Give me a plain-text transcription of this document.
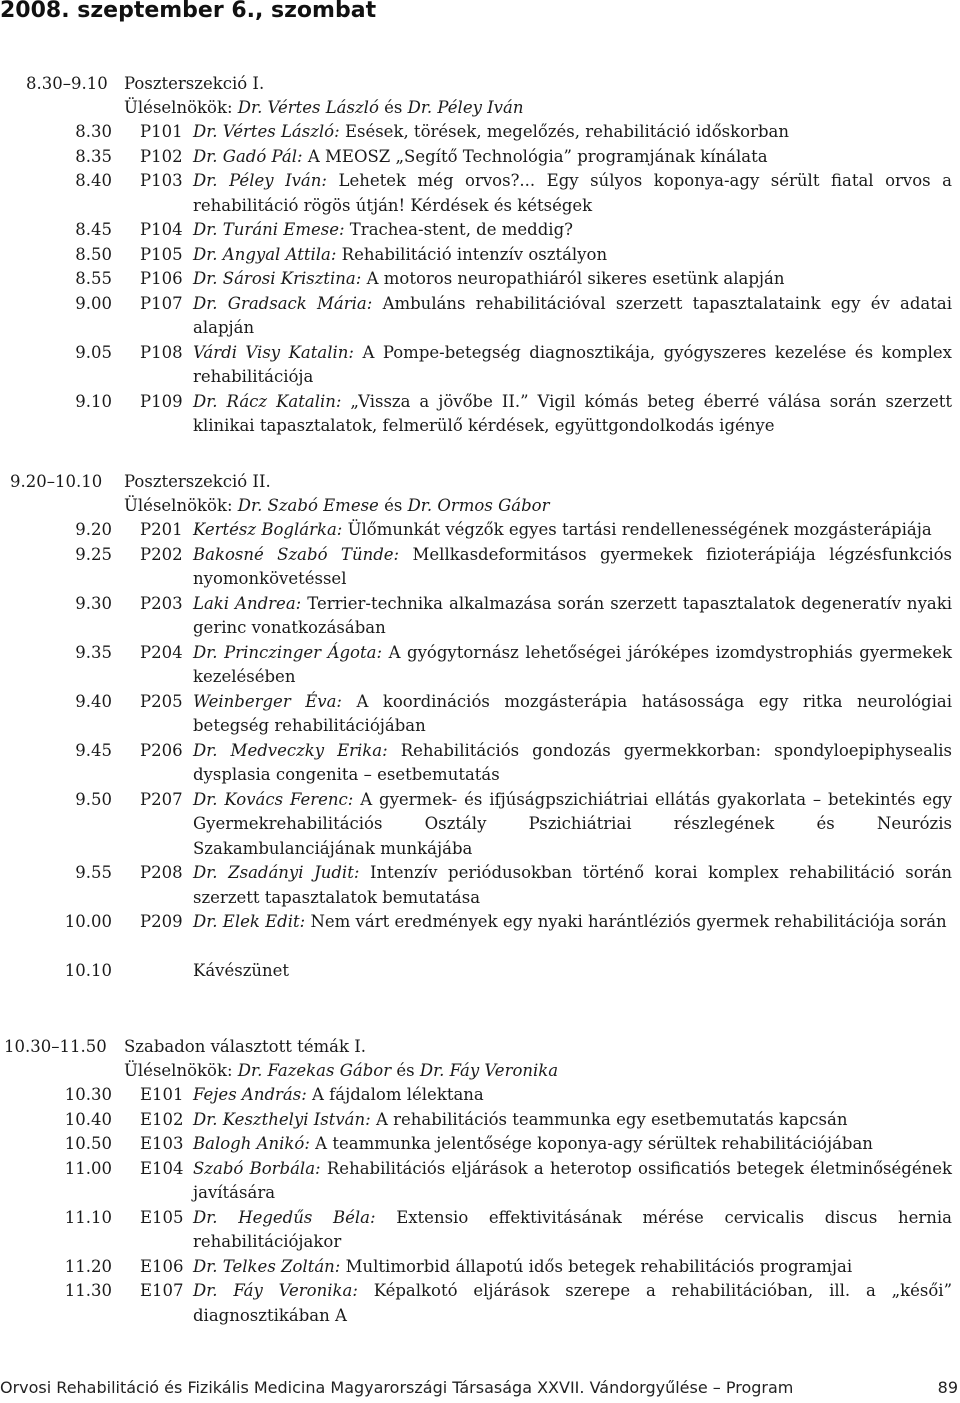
2008. szeptember 6., szombat
8.30–9.10 Poszterszekció I.
Üléselnökök: Dr. Vértes László és Dr. Péley Iván
8.30 P101 Dr. Vértes László: Esések, törések, megelőzés, rehabilitáció időskorban
8.35 P102 Dr. Gadó Pál: A MEOSZ „Segítő Technológia” programjának kínálata
8.40 P103 Dr. Péley Iván: Lehetek még orvos?... Egy súlyos koponya-agy sérült fiatal orvos a rehabilitáció rögös útján! Kérdések és kétségek
8.45 P104 Dr. Turáni Emese: Trachea-stent, de meddig?
8.50 P105 Dr. Angyal Attila: Rehabilitáció intenzív osztályon
8.55 P106 Dr. Sárosi Krisztina: A motoros neuropathiáról sikeres esetünk alapján
9.00 P107 Dr. Gradsack Mária: Ambuláns rehabilitációval szerzett tapasztalataink egy év adatai alapján
9.05 P108 Várdi Visy Katalin: A Pompe-betegség diagnosztikája, gyógyszeres kezelése és komplex rehabilitációja
9.10 P109 Dr. Rácz Katalin: „Vissza a jövőbe II.” Vigil kómás beteg éberré válása során szerzett klinikai tapasztalatok, felmerülő kérdések, együttgondolkodás igénye
9.20–10.10 Poszterszekció II.
Üléselnökök: Dr. Szabó Emese és Dr. Ormos Gábor
9.20 P201 Kertész Boglárka: Ülőmunkát végzők egyes tartási rendellenességének mozgásterápiája
9.25 P202 Bakosné Szabó Tünde: Mellkasdeformitásos gyermekek fizioterápiája légzésfunkciós nyomonkövetéssel
9.30 P203 Laki Andrea: Terrier-technika alkalmazása során szerzett tapasztalatok degeneratív nyaki gerinc vonatkozásában
9.35 P204 Dr. Princzinger Ágota: A gyógytornász lehetőségei járóképes izomdystrophiás gyermekek kezelésében
9.40 P205 Weinberger Éva: A koordinációs mozgásterápia hatásossága egy ritka neurológiai betegség rehabilitációjában
9.45 P206 Dr. Medveczky Erika: Rehabilitációs gondozás gyermekkorban: spondyloepiphysealis dysplasia congenita – esetbemutatás
9.50 P207 Dr. Kovács Ferenc: A gyermek- és ifjúságpszichiátriai ellátás gyakorlata – betekintés egy Gyermekrehabilitációs Osztály Pszichiátriai részlegének és Neurózis Szakambulanciájának munkájába
9.55 P208 Dr. Zsadányi Judit: Intenzív periódusokban történő korai komplex rehabilitáció során szerzett tapasztalatok bemutatása
10.00 P209 Dr. Elek Edit: Nem várt eredmények egy nyaki harántléziós gyermek rehabilitációja során
10.10	Kávészünet
10.30–11.50 Szabadon választott témák I.
Üléselnökök: Dr. Fazekas Gábor és Dr. Fáy Veronika
10.30 E101 Fejes András: A fájdalom lélektana
10.40 E102 Dr. Keszthelyi István: A rehabilitációs teammunka egy esetbemutatás kapcsán
10.50 E103 Balogh Anikó: A teammunka jelentősége koponya-agy sérültek rehabilitációjában
11.00 E104 Szabó Borbála: Rehabilitációs eljárások a heterotop ossificatiós betegek életminőségének javítására
11.10 E105 Dr. Hegedűs Béla: Extensio effektivitásának mérése cervicalis discus hernia rehabilitációjakor
11.20 E106 Dr. Telkes Zoltán: Multimorbid állapotú idős betegek rehabilitációs programjai
11.30 E107 Dr. Fáy Veronika: Képalkotó eljárások szerepe a rehabilitációban, ill. a „késői” diagnosztikában A
Orvosi Rehabilitáció és Fizikális Medicina Magyarországi Társasága XXVII. Vándorgyűlése – Program	89
